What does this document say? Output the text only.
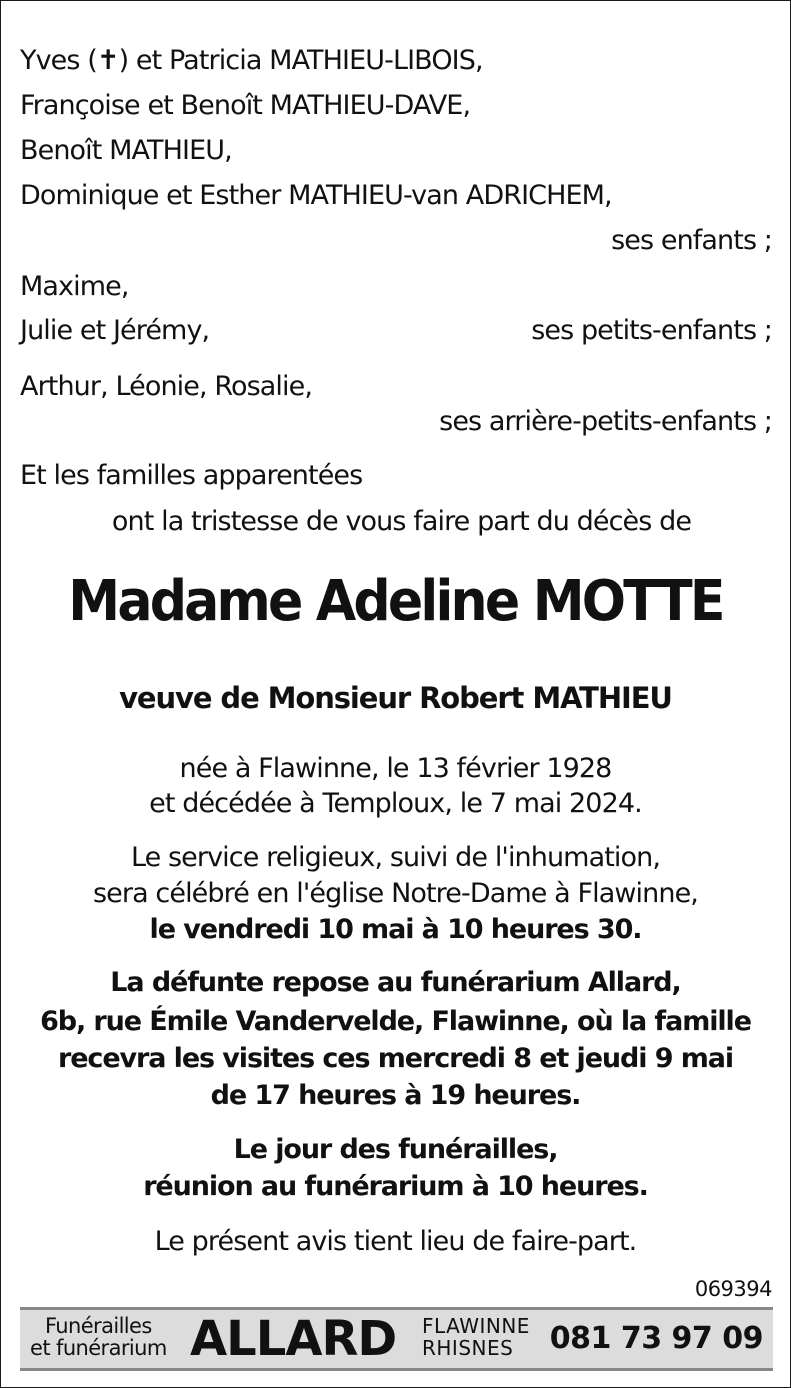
Yves (✝) et Patricia MATHIEU-LIBOIS,
Françoise et Benoît MATHIEU-DAVE,
Benoît MATHIEU,
Dominique et Esther MATHIEU-van ADRICHEM,
ses enfants ;
Maxime,
Julie et Jérémy,	ses petits-enfants ;
Arthur, Léonie, Rosalie,
ses arrière-petits-enfants ;
Et les familles apparentées
ont la tristesse de vous faire part du décès de
Madame Adeline MOTTE
veuve de Monsieur Robert MATHIEU
née à Flawinne, le 13 février 1928
et décédée à Temploux, le 7 mai 2024.
Le service religieux, suivi de l'inhumation,
sera célébré en l'église Notre-Dame à Flawinne,
le vendredi 10 mai à 10 heures 30.
La défunte repose au funérarium Allard,
6b, rue Émile Vandervelde, Flawinne, où la famille
recevra les visites ces mercredi 8 et jeudi 9 mai
de 17 heures à 19 heures.
Le jour des funérailles,
réunion au funérarium à 10 heures.
Le présent avis tient lieu de faire-part.
069394
Funérailles
et funérarium ALLARD FLAWINNE
RHISNES	081 73 97 09
